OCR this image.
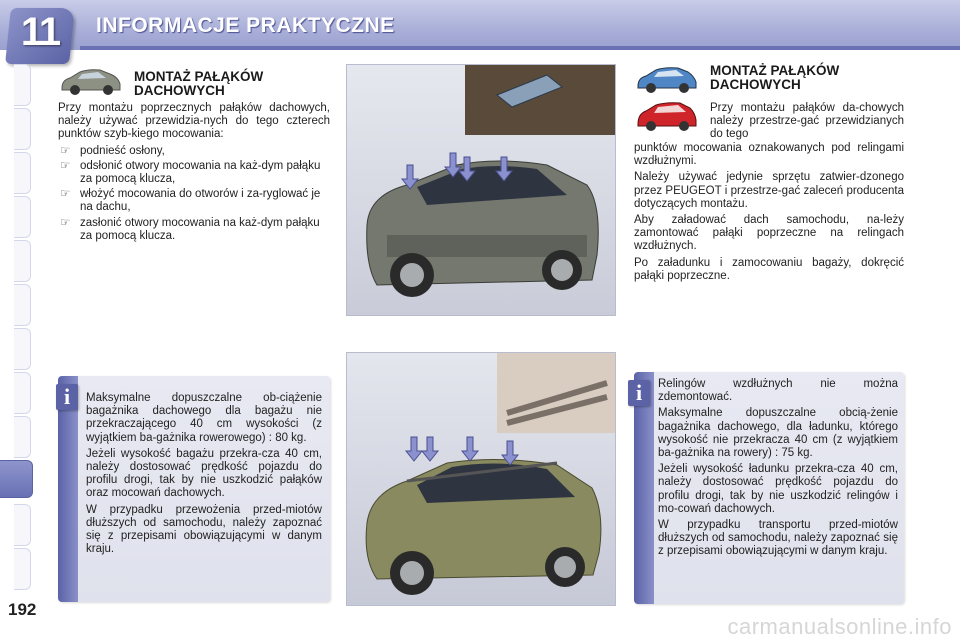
11	INFORMACJE PRAKTYCZNE
MONTAŻ PAŁĄKÓW
DACHOWYCH

Przy montażu poprzecznych pałąków dachowych, należy używać przewidzia-nych do tego czterech punktów szyb-kiego mocowania:

☞ podnieść osłony,
☞ odsłonić otwory mocowania na każ-dym pałąku za pomocą klucza,
☞ włożyć mocowania do otworów i za-ryglować je na dachu,
☞ zasłonić otwory mocowania na każ-dym pałąku za pomocą klucza.
MONTAŻ PAŁĄKÓW
DACHOWYCH
Przy montażu pałąków da-chowych należy przestrze-gać przewidzianych do tego

punktów mocowania oznakowanych pod relingami wzdłużnymi.

Należy używać jedynie sprzętu zatwier-dzonego przez PEUGEOT i przestrze-gać zaleceń producenta dotyczących montażu.

Aby załadować dach samochodu, na-leży zamontować pałąki poprzeczne na relingach wzdłużnych.

Po załadunku i zamocowaniu bagaży, dokręcić pałąki poprzeczne.

Maksymalne dopuszczalne ob-ciążenie bagażnika dachowego dla bagażu nie przekraczającego 40 cm wysokości (z wyjątkiem ba-gażnika rowerowego) : 80 kg.

Jeżeli wysokość bagażu przekra-cza 40 cm, należy dostosować prędkość pojazdu do profilu drogi, tak by nie uszkodzić pałąków oraz mocowań dachowych.

W przypadku przewożenia przed-miotów dłuższych od samochodu, należy zapoznać się z przepisami obowiązującymi w danym kraju.

i	Relingów wzdłużnych nie można zdemontować.

Maksymalne dopuszczalne obcią-żenie bagażnika dachowego, dla ładunku, którego wysokość nie przekracza 40 cm (z wyjątkiem ba-gażnika na rowery) : 75 kg.

Jeżeli wysokość ładunku przekra-cza 40 cm, należy dostosować prędkość pojazdu do profilu drogi, tak by nie uszkodzić relingów i mo-cowań dachowych.

W przypadku transportu przed-miotów dłuższych od samochodu, należy zapoznać się z przepisami obowiązującymi w danym kraju.

i
192
carmanualsonline.info
